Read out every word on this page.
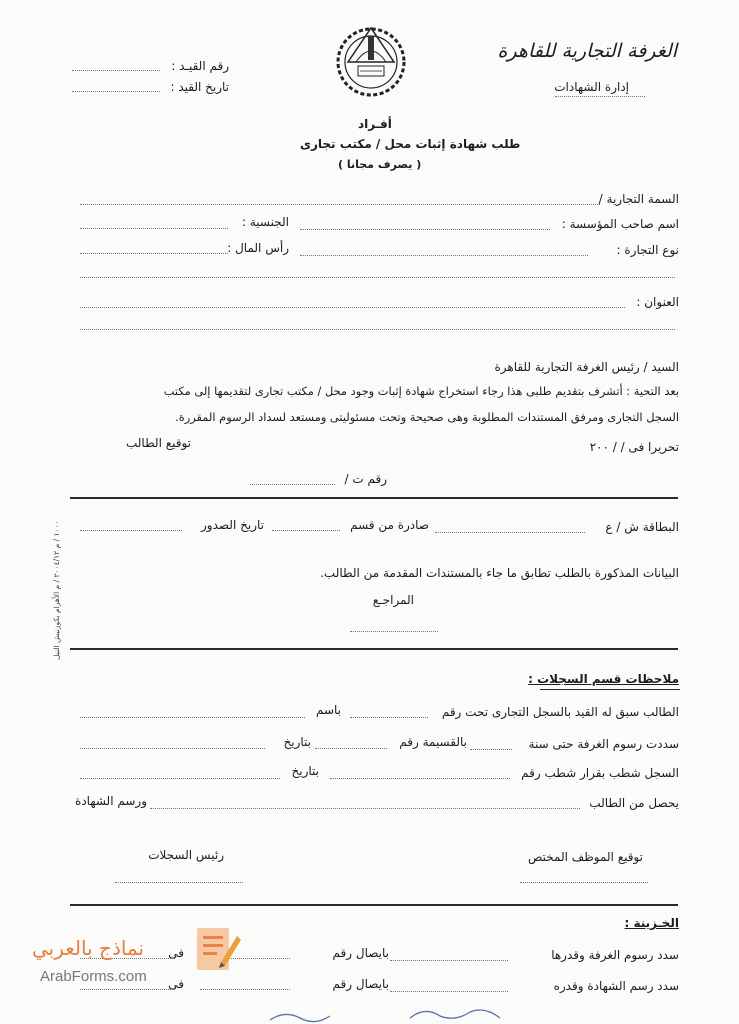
الغرفة التجارية للقاهرة
إدارة الشهادات
رقم القيـد :
تاريخ القيد :
أفـراد
طلب شهادة إثبات محل / مكتب تجارى
( يصرف مجانا )
السمة التجارية /
اسم صاحب المؤسسة :
الجنسية :
نوع التجارة :
رأس المال :
العنوان :
السيد / رئيس الغرفة التجارية للقاهرة
بعد التحية : أتشرف بتقديم طلبى هذا رجاء استخراج شهادة إثبات وجود محل / مكتب تجارى لتقديمها إلى مكتب
السجل التجارى ومرفق المستندات المطلوبة وهى صحيحة وتحت مسئوليتى ومستعد لسداد الرسوم المقررة.
توقيع الطالب	تحريرا فى / / ٢٠٠
رقم ت /
البطاقة ش / ع
صادرة من قسم
تاريخ الصدور
البيانات المذكورة بالطلب تطابق ما جاء بالمستندات المقدمة من الطالب.
المراجـع
ملاحظات قسم السجلات :
الطالب سبق له القيد بالسجل التجارى تحت رقم
باسم
سددت رسوم الغرفة حتى سنة
بالقسيمة رقم
بتاريخ
السجل شطب بقرار شطب رقم
بتاريخ
يحصل من الطالب
ورسم الشهادة
توقيع الموظف المختص
رئيس السجلات
الخـزينة :
سدد رسوم الغرفة وقدرها
بايصال رقم
فى
سدد رسم الشهادة وقدره
بايصال رقم
فى
١٠٠٠ / م ٢٠٠٤/١٢ / م الأهرام بكورنيش النيل
نماذج بالعربي
ArabForms.com
